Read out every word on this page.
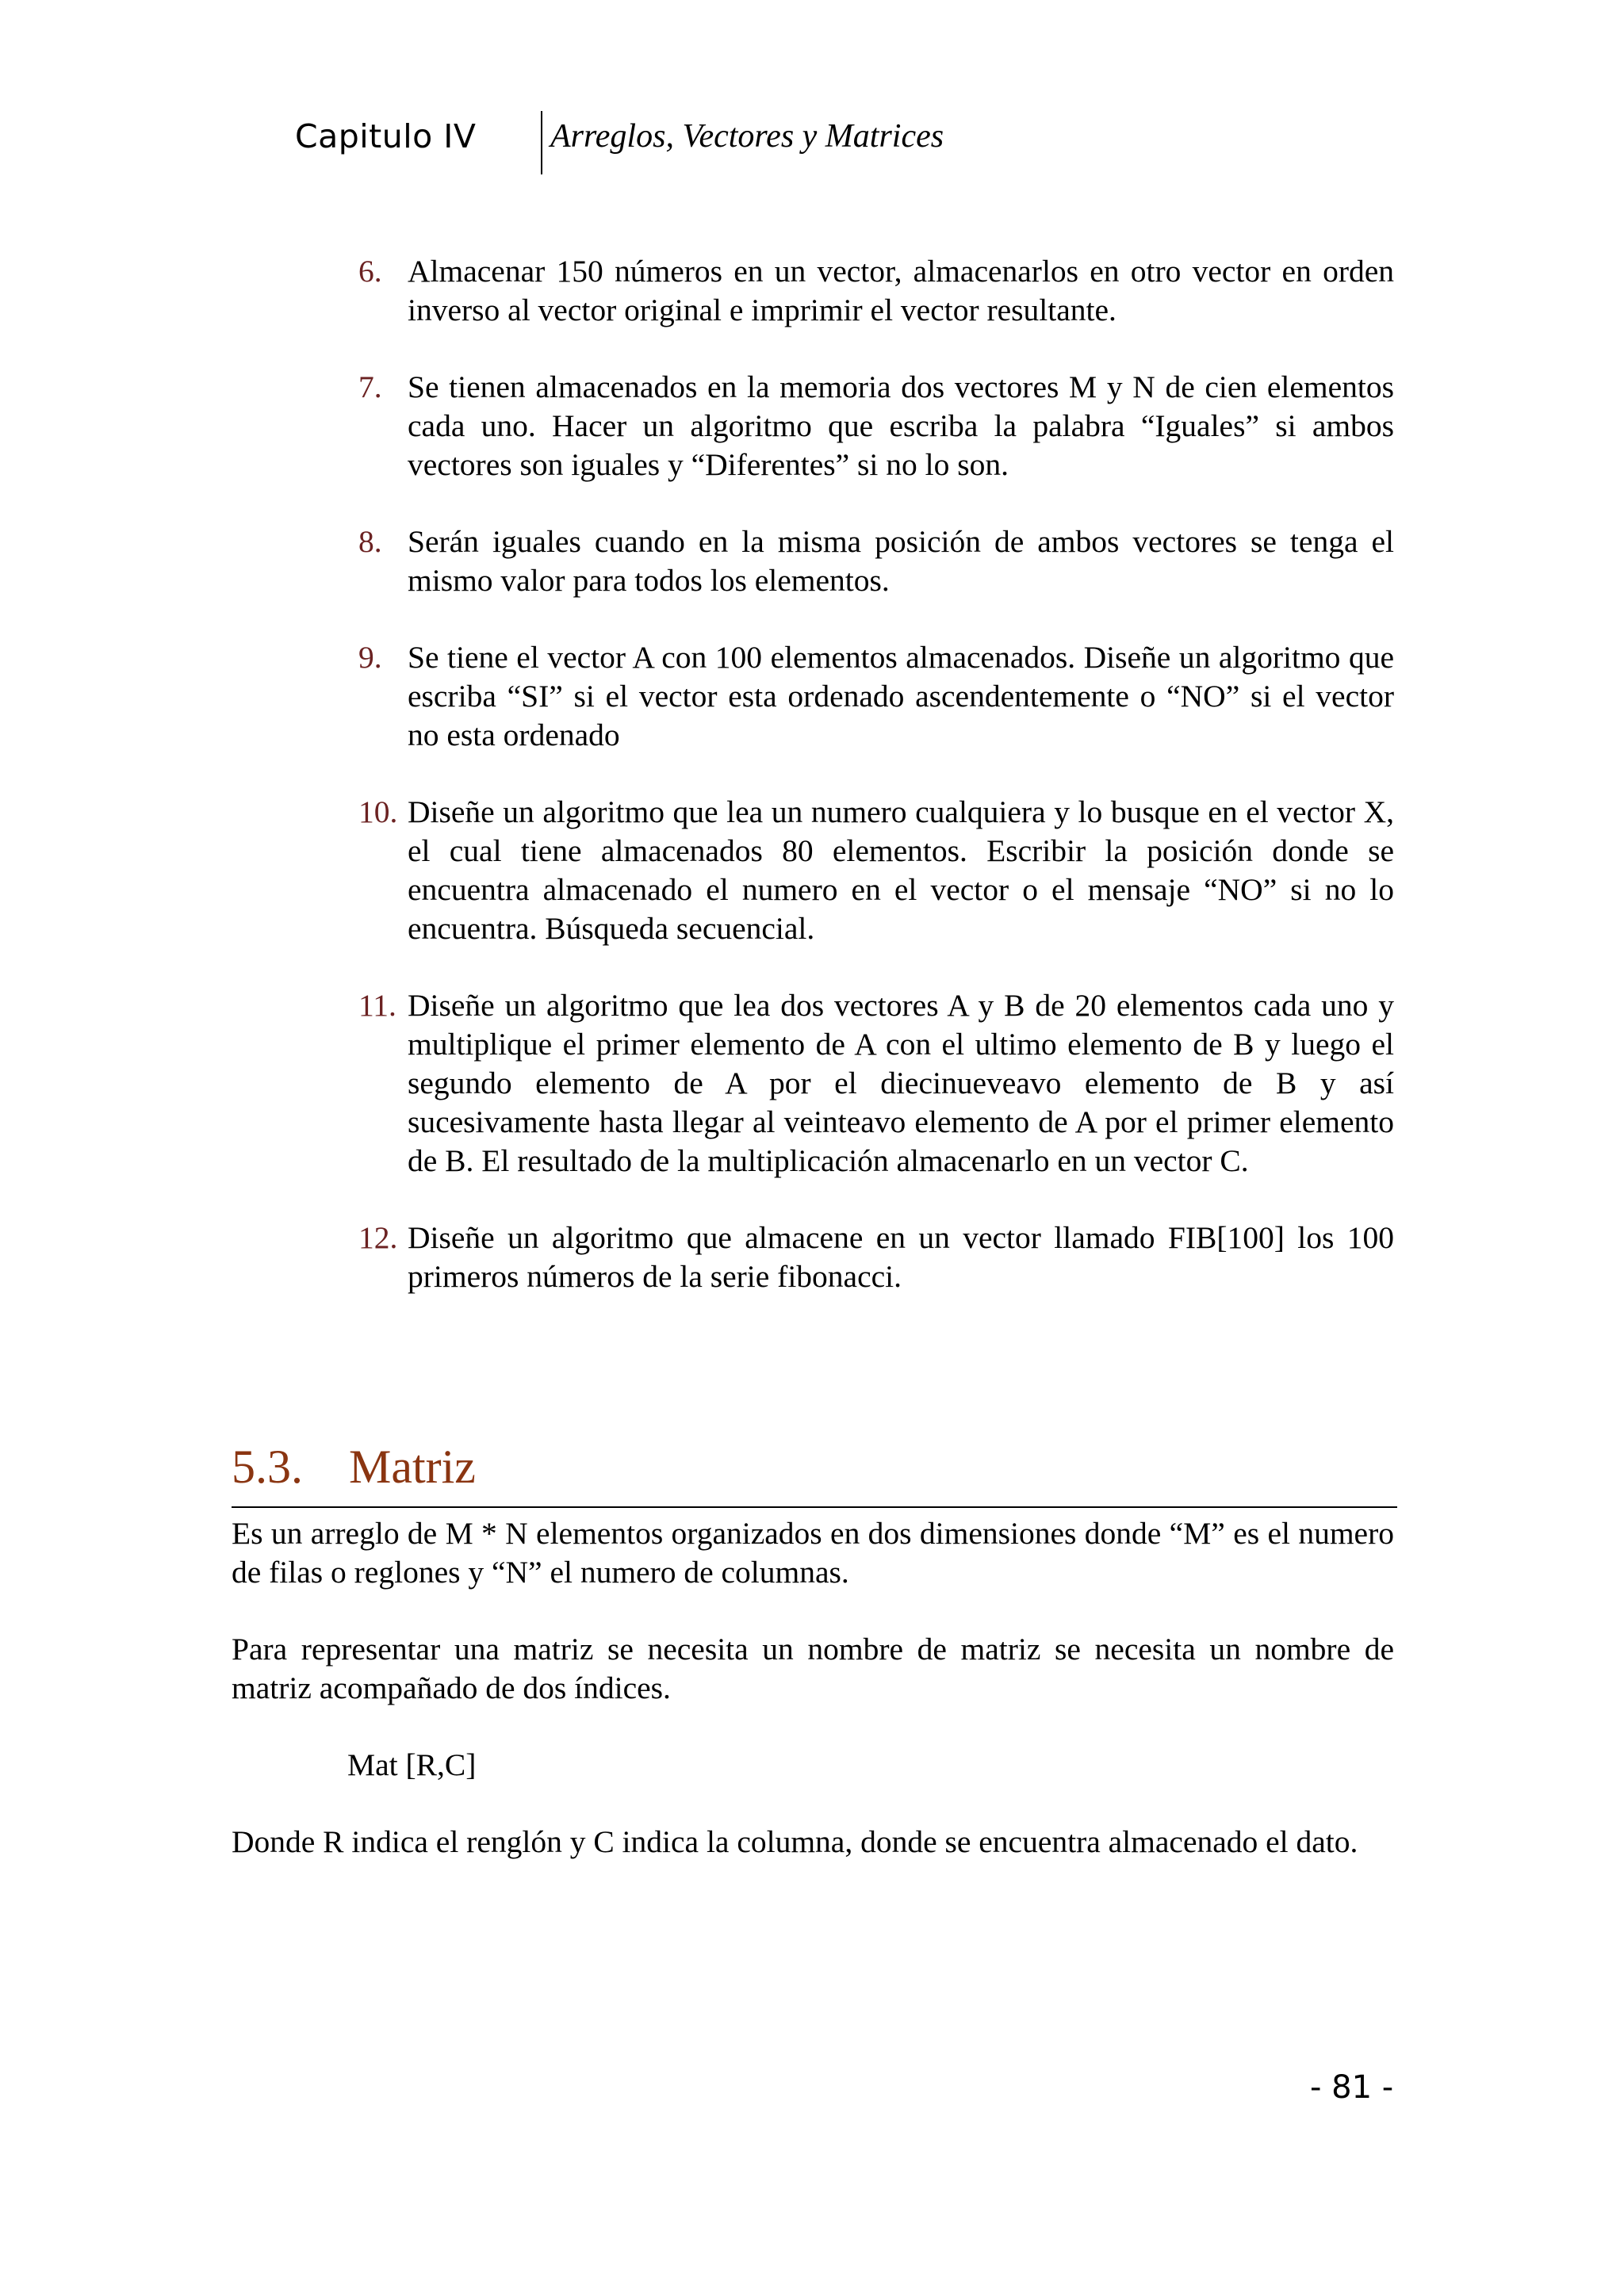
Capitulo IV Arreglos, Vectores y Matrices
6. Almacenar 150 números en un vector, almacenarlos en otro vector en orden inverso al vector original e imprimir el vector resultante.
7. Se tienen almacenados en la memoria dos vectores M y N de cien elementos cada uno. Hacer un algoritmo que escriba la palabra “Iguales” si ambos vectores son iguales y “Diferentes” si no lo son.
8. Serán iguales cuando en la misma posición de ambos vectores se tenga el mismo valor para todos los elementos.
9. Se tiene el vector A con 100 elementos almacenados. Diseñe un algoritmo que escriba “SI” si el vector esta ordenado ascendentemente o “NO” si el vector no esta ordenado
10. Diseñe un algoritmo que lea un numero cualquiera y lo busque en el vector X, el cual tiene almacenados 80 elementos. Escribir la posición donde se encuentra almacenado el numero en el vector o el mensaje “NO” si no lo encuentra. Búsqueda secuencial.
11. Diseñe un algoritmo que lea dos vectores A y B de 20 elementos cada uno y multiplique el primer elemento de A con el ultimo elemento de B y luego el segundo elemento de A por el diecinueveavo elemento de B y así sucesivamente hasta llegar al veinteavo elemento de A por el primer elemento de B. El resultado de la multiplicación almacenarlo en un vector C.
12. Diseñe un algoritmo que almacene en un vector llamado FIB[100] los 100 primeros números de la serie fibonacci.
5.3. Matriz

Es un arreglo de M * N elementos organizados en dos dimensiones donde “M” es el numero de filas o reglones y “N” el numero de columnas.

Para representar una matriz se necesita un nombre de matriz se necesita un nombre de matriz acompañado de dos índices.

Mat [R,C]

Donde R indica el renglón y C indica la columna, donde se encuentra almacenado el dato.

- 81 -
